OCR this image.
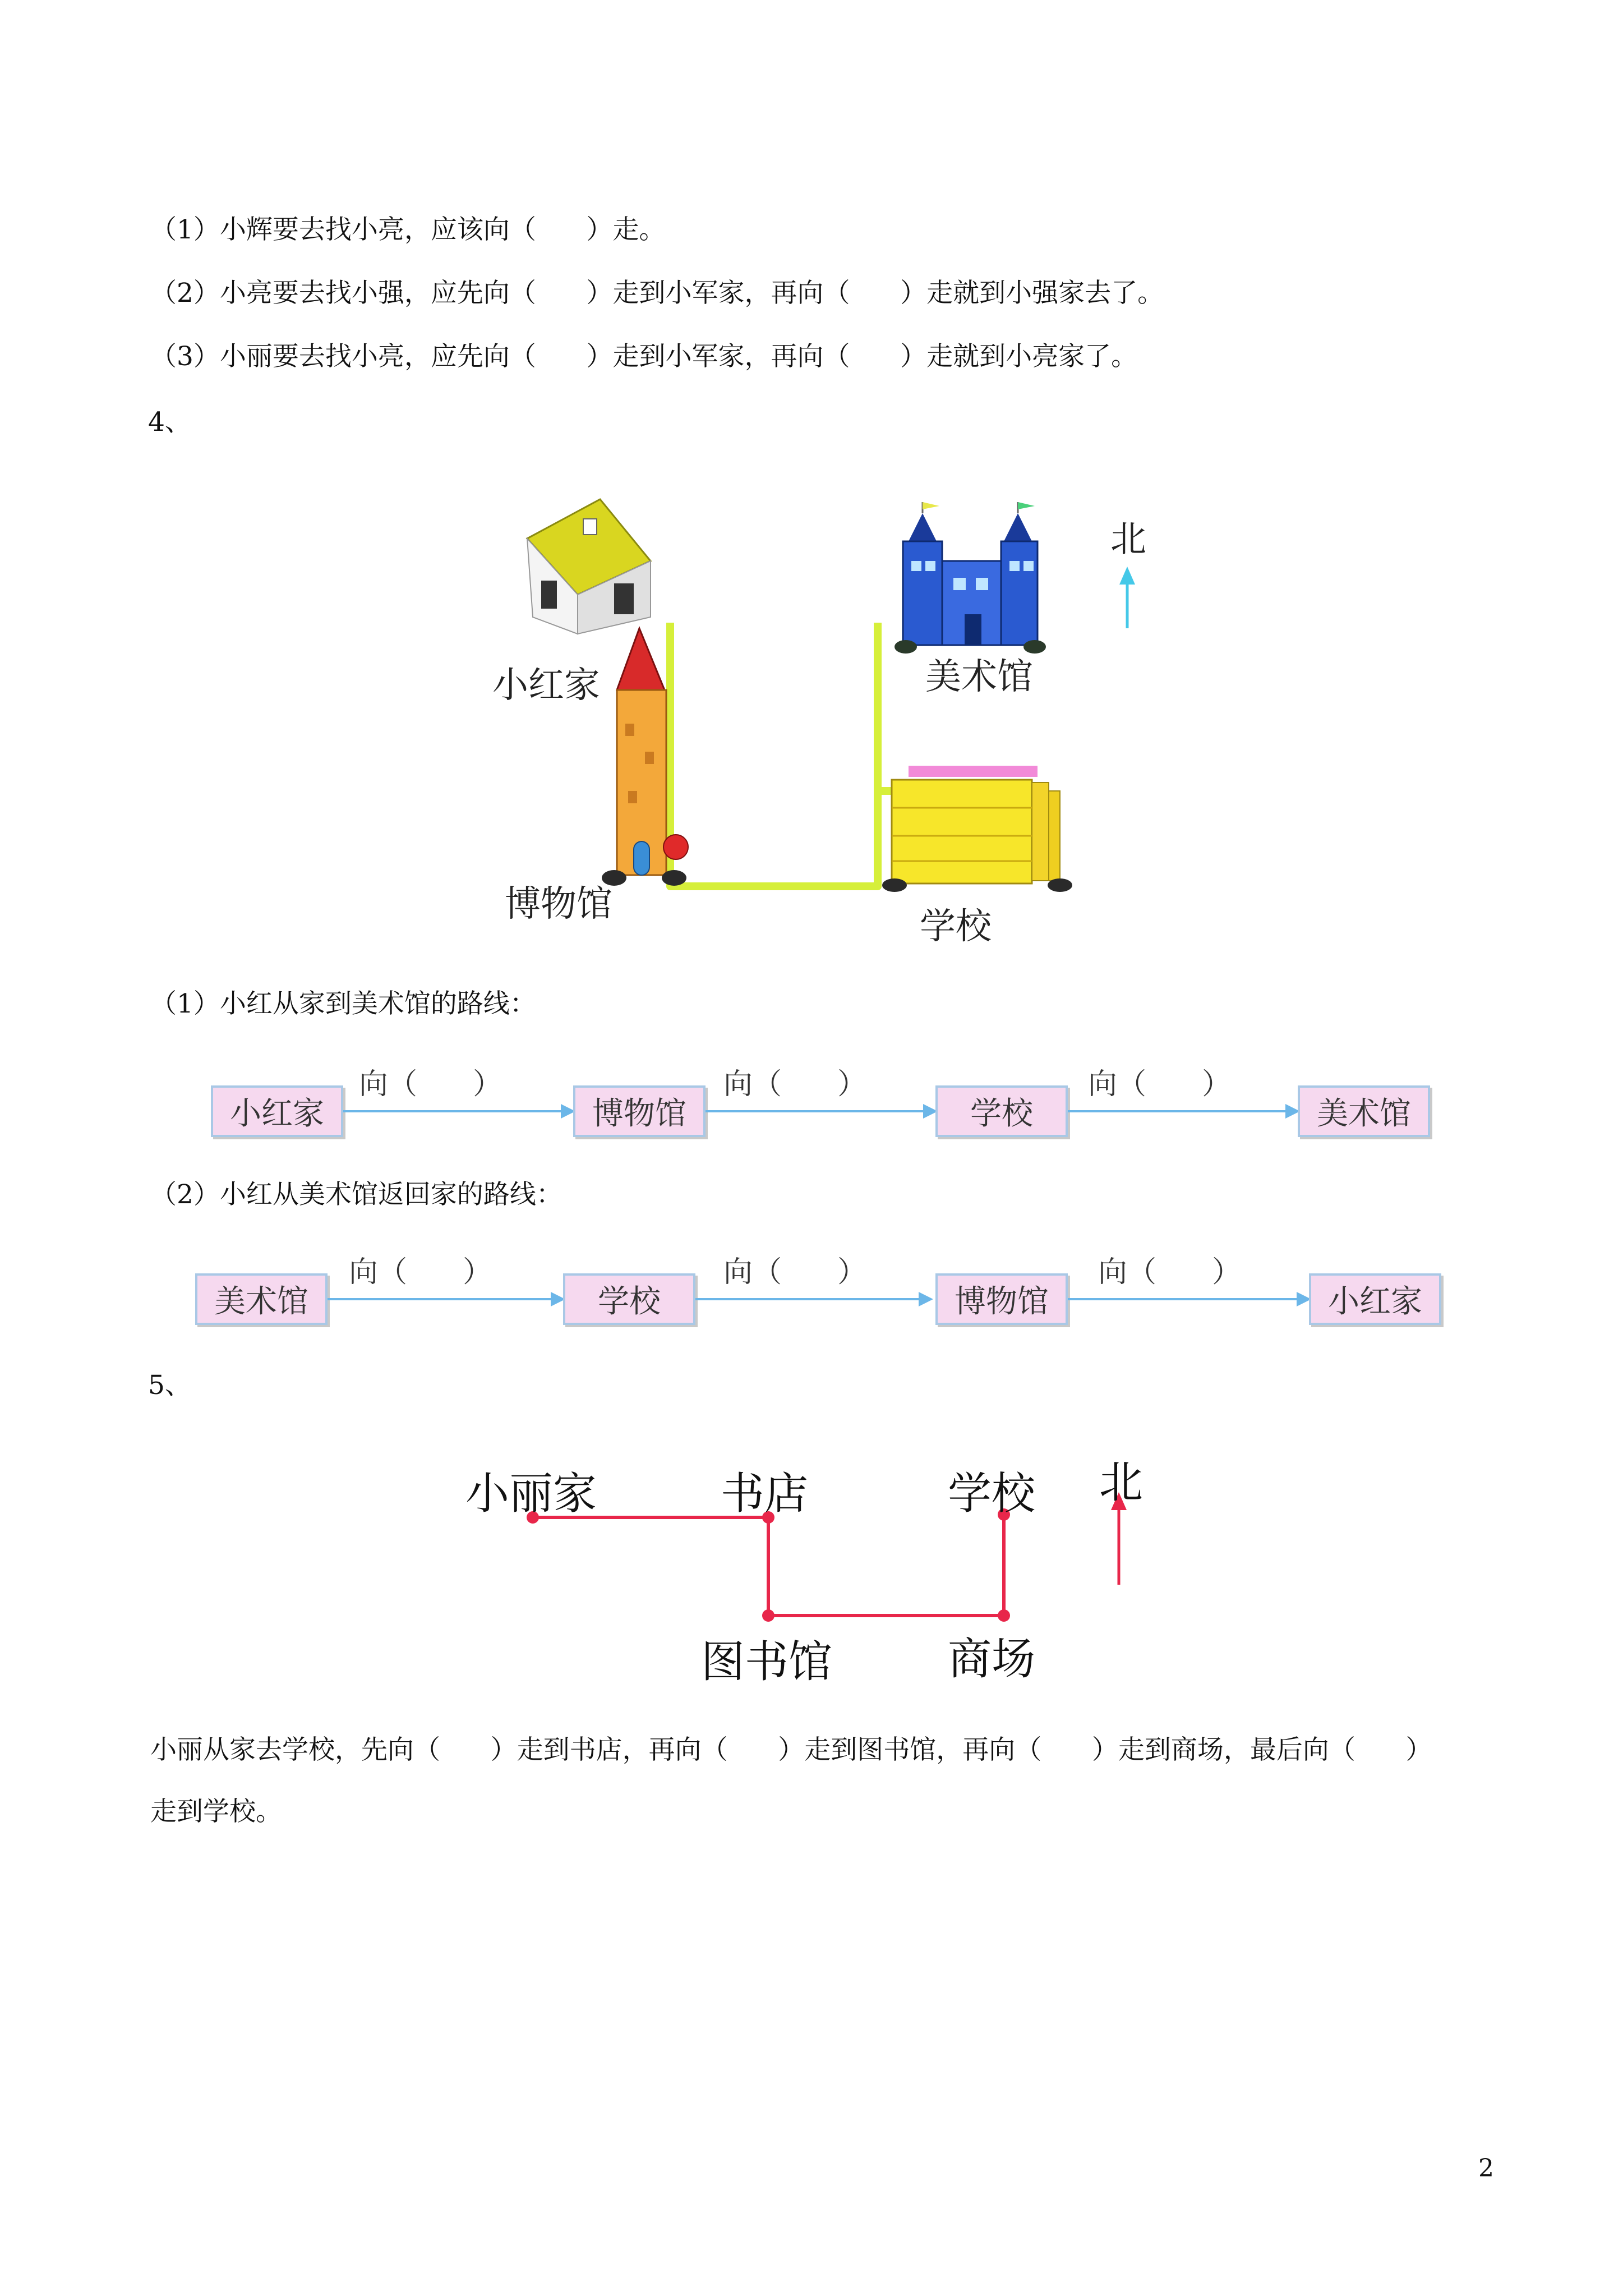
（1）小辉要去找小亮，应该向（      ）走。
（2）小亮要去找小强，应先向（      ）走到小军家，再向（      ）走就到小强家去了。
（3）小丽要去找小亮，应先向（      ）走到小军家，再向（      ）走就到小亮家了。
4、
小红家	美术馆
博物馆
学校
北
（1）小红从家到美术馆的路线：
小红家
向（      ）
博物馆
向（      ）
学校
向（      ）
美术馆
（2）小红从美术馆返回家的路线：
美术馆
向（      ）
学校
向（      ）
博物馆
向（      ）
小红家
5、
小丽家	书店	学校 北
图书馆	商场
小丽从家去学校，先向（      ）走到书店，再向（      ）走到图书馆，再向（      ）走到商场，最后向（      ）
走到学校。
2
